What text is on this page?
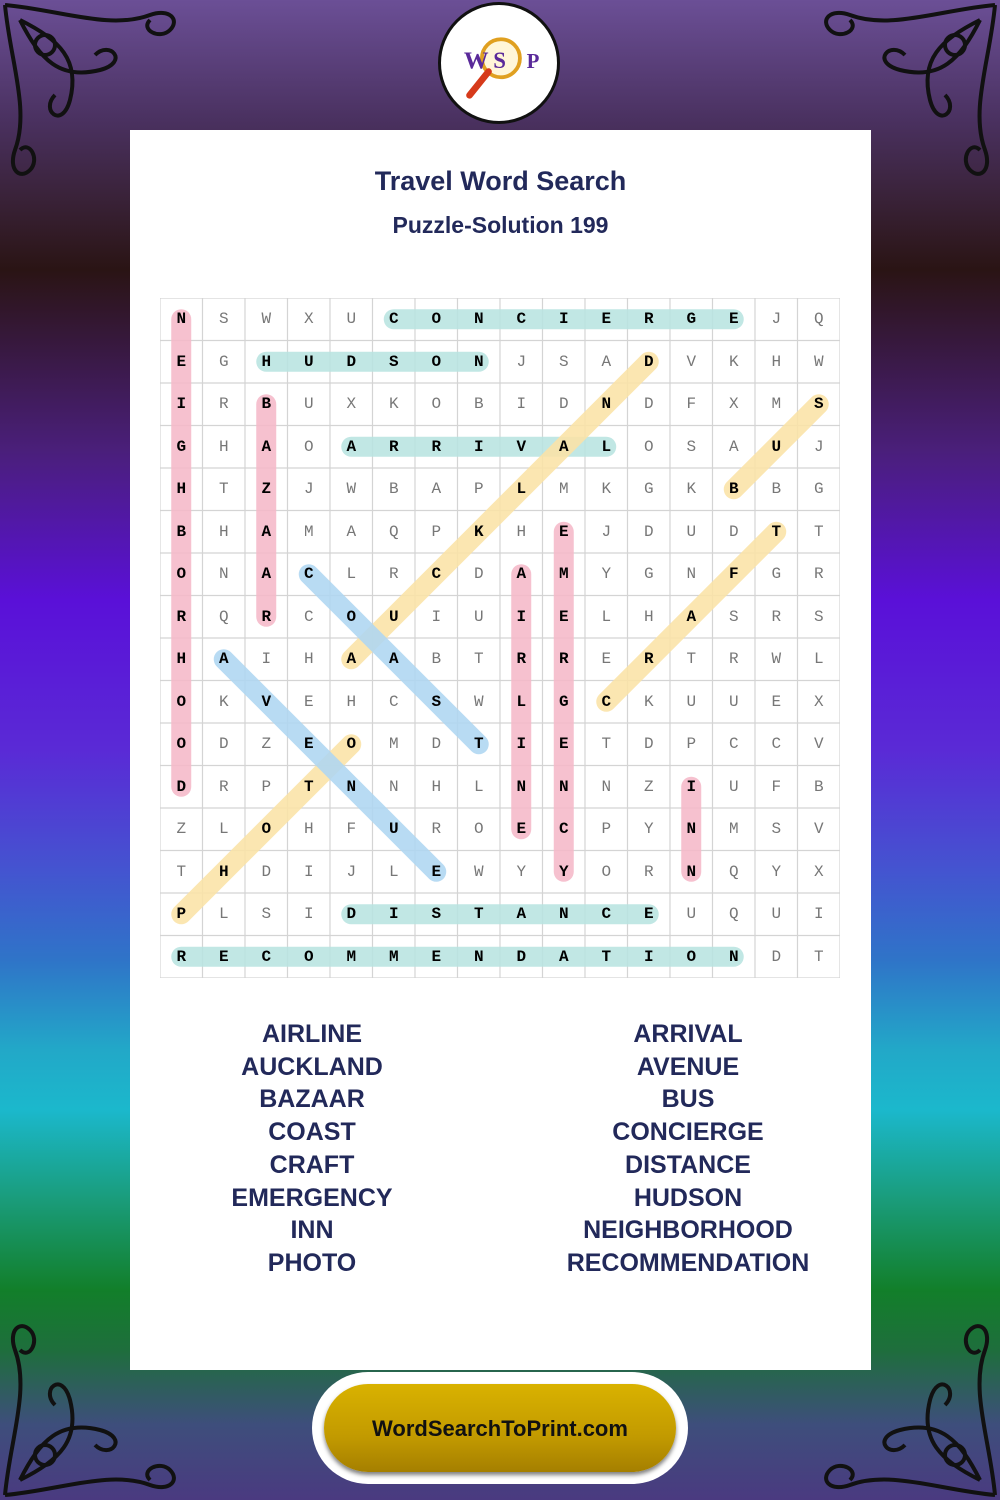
W S P
Travel Word Search
Puzzle-Solution 199
N	S	W	X	U	C	O	N	C	I	E	R	G	E	J	Q
E	G	H	U	D	S	O	N	J	S	A	D	V	K	H	W
I	R	B	U	X	K	O	B	I	D	N	D	F	X	M	S
G	H	A	O	A	R	R	I	V	A	L	O	S	A	U	J
H	T	Z	J	W	B	A	P	L	M	K	G	K	B	B	G
B	H	A	M	A	Q	P	K	H	E	J	D	U	D	T	T
O	N	A	C	L	R	C	D	A	M	Y	G	N	F	G	R
R	Q	R	C	O	U	I	U	I	E	L	H	A	S	R	S
H	A	I	H	A	A	B	T	R	R	E	R	T	R	W	L
O	K	V	E	H	C	S	W	L	G	C	K	U	U	E	X
O	D	Z	E	O	M	D	T	I	E	T	D	P	C	C	V
D	R	P	T	N	N	H	L	N	N	N	Z	I	U	F	B
Z	L	O	H	F	U	R	O	E	C	P	Y	N	M	S	V
T	H	D	I	J	L	E	W	Y	Y	O	R	N	Q	Y	X
P	L	S	I	D	I	S	T	A	N	C	E	U	Q	U	I
R	E	C	O	M	M	E	N	D	A	T	I	O	N	D	T
AIRLINE
AUCKLAND
BAZAAR
COAST
CRAFT
EMERGENCY
INN
PHOTO
ARRIVAL
AVENUE
BUS
CONCIERGE
DISTANCE
HUDSON
NEIGHBORHOOD
RECOMMENDATION
WordSearchToPrint.com
